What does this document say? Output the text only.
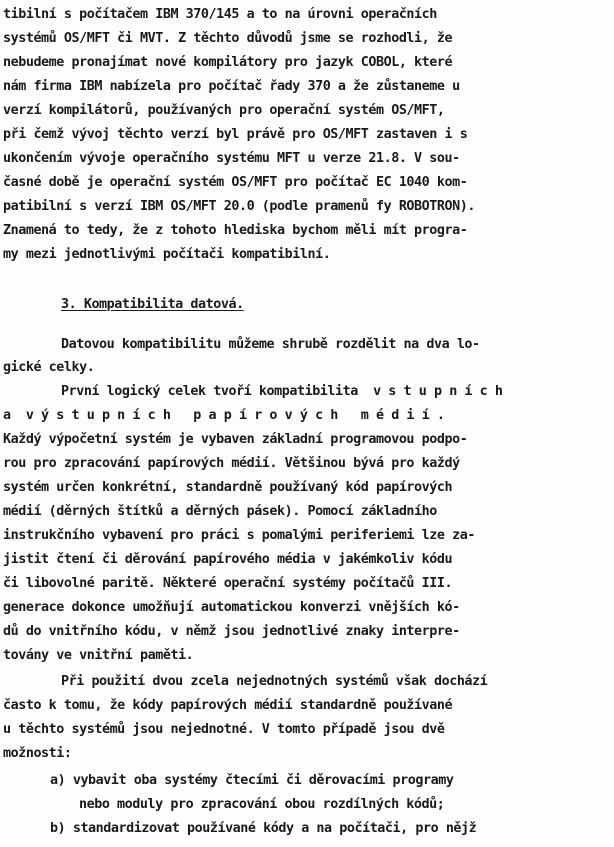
tibilní s počítačem IBM 370/145 a to na úrovni operačních
systémů OS/MFT či MVT. Z těchto důvodů jsme se rozhodli, že
nebudeme pronajímat nové kompilátory pro jazyk COBOL, které
nám firma IBM nabízela pro počítač řady 370 a že zůstaneme u
verzí kompilátorů, používaných pro operační systém OS/MFT,
při čemž vývoj těchto verzí byl právě pro OS/MFT zastaven i s
ukončením vývoje operačního systému MFT u verze 21.8. V sou-
časné době je operační systém OS/MFT pro počítač EC 1040 kom-
patibilní s verzí IBM OS/MFT 20.0 (podle pramenů fy ROBOTRON).
Znamená to tedy, že z tohoto hlediska bychom měli mít progra-
my mezi jednotlivými počítači kompatibilní.
3. Kompatibilita datová.
Datovou kompatibilitu můžeme shrubě rozdělit na dva lo-
gické celky.
První logický celek tvoří kompatibilita  v s t u p n í c h
a  v ý s t u p n í c h   p a p í r o v ý c h   m é d i í .
Každý výpočetní systém je vybaven základní programovou podpo-
rou pro zpracování papírových médií. Většinou bývá pro každý
systém určen konkrétní, standardně používaný kód papírových
médií (děrných štítků a děrných pásek). Pomocí základního
instrukčního vybavení pro práci s pomalými periferiemi lze za-
jistit čtení či děrování papírového média v jakémkoliv kódu
či libovolné paritě. Některé operační systémy počítačů III.
generace dokonce umožňují automatickou konverzi vnějších kó-
dů do vnitřního kódu, v němž jsou jednotlivé znaky interpre-
továny ve vnitřní paměti.
Při použití dvou zcela nejednotných systémů však dochází
často k tomu, že kódy papírových médií standardně používané
u těchto systémů jsou nejednotné. V tomto případě jsou dvě
možnosti:
a) vybavit oba systémy čtecími či děrovacími programy
nebo moduly pro zpracování obou rozdílných kódů;
b) standardizovat používané kódy a na počítači, pro nějž
